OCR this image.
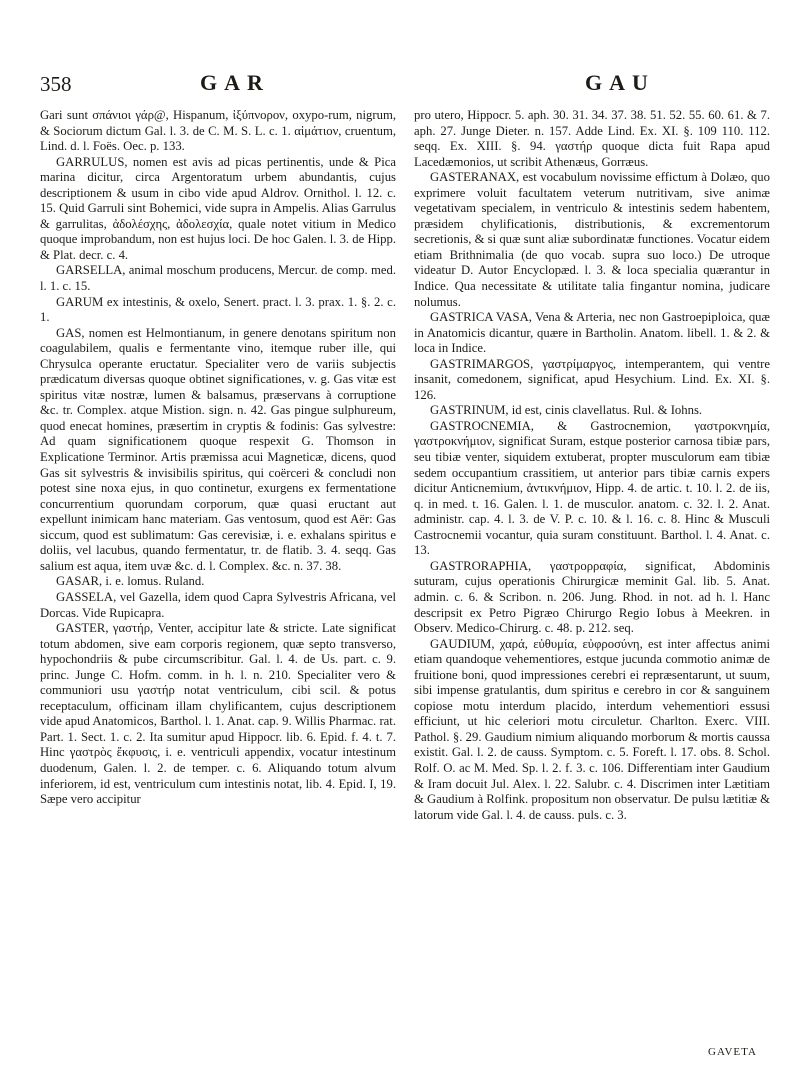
358	GAR	GAU

Gari sunt σπάνιοι γάρ@, Hispanum, ἰξύπνορον, oxypo-rum, nigrum, & Sociorum dictum Gal. l. 3. de C. M. S. L. c. 1. αἱμάτιον, cruentum, Lind. d. l. Foës. Oec. p. 133.

GARRULUS, nomen est avis ad picas pertinentis, unde & Pica marina dicitur, circa Argentoratum urbem abundantis, cujus descriptionem & usum in cibo vide apud Aldrov. Ornithol. l. 12. c. 15. Quid Garruli sint Bohemici, vide supra in Ampelis. Alias Garrulus & garrulitas, ἀδολέσχης, ἀδολεσχία, quale notet vitium in Medico quoque improbandum, non est hujus loci. De hoc Galen. l. 3. de Hipp. & Plat. decr. c. 4.

GARSELLA, animal moschum producens, Mercur. de comp. med. l. 1. c. 15.

GARUM ex intestinis, & oxelo, Senert. pract. l. 3. prax. 1. §. 2. c. 1.

GAS, nomen est Helmontianum, in genere denotans spiritum non coagulabilem, qualis e fermentante vino, itemque ruber ille, qui Chrysulca operante eructatur. Specialiter vero de variis subjectis prædicatum diversas quoque obtinet significationes, v. g. Gas vitæ est spiritus vitæ nostræ, lumen & balsamus, præservans à corruptione &c. tr. Complex. atque Mistion. sign. n. 42. Gas pingue sulphureum, quod enecat homines, præsertim in cryptis & fodinis: Gas sylvestre: Ad quam significationem quoque respexit G. Thomson in Explicatione Terminor. Artis præmissa acui Magneticæ, dicens, quod Gas sit sylvestris & invisibilis spiritus, qui coërceri & concludi non potest sine noxa ejus, in quo continetur, exurgens ex fermentatione concurrentium quorundam corporum, quæ quasi eructant aut expellunt inimicam hanc materiam. Gas ventosum, quod est Aër: Gas siccum, quod est sublimatum: Gas cerevisiæ, i. e. exhalans spiritus e doliis, vel lacubus, quando fermentatur, tr. de flatib. 3. 4. seqq. Gas salium est aqua, item uvæ &c. d. l. Complex. &c. n. 37. 38.

GASAR, i. e. lomus. Ruland.

GASSELA, vel Gazella, idem quod Capra Sylvestris Africana, vel Dorcas. Vide Rupicapra.

GASTER, γαστήρ, Venter, accipitur late & stricte. Late significat totum abdomen, sive eam corporis regionem, quæ septo transverso, hypochondriis & pube circumscribitur. Gal. l. 4. de Us. part. c. 9. princ. Junge C. Hofm. comm. in h. l. n. 210. Specialiter vero & communiori usu γαστήρ notat ventriculum, cibi scil. & potus receptaculum, officinam illam chylificantem, cujus descriptionem vide apud Anatomicos, Barthol. l. 1. Anat. cap. 9. Willis Pharmac. rat. Part. 1. Sect. 1. c. 2. Ita sumitur apud Hippocr. lib. 6. Epid. f. 4. t. 7. Hinc γαστρὸς ἔκφυσις, i. e. ventriculi appendix, vocatur intestinum duodenum, Galen. l. 2. de temper. c. 6. Aliquando totum alvum inferiorem, id est, ventriculum cum intestinis notat, lib. 4. Epid. I, 19. Sæpe vero accipitur

pro utero, Hippocr. 5. aph. 30. 31. 34. 37. 38. 51. 52. 55. 60. 61. & 7. aph. 27. Junge Dieter. n. 157. Adde Lind. Ex. XI. §. 109 110. 112. seqq. Ex. XIII. §. 94. γαστήρ quoque dicta fuit Rapa apud Lacedæmonios, ut scribit Athenæus, Gorræus.

GASTERANAX, est vocabulum novissime effictum à Dolæo, quo exprimere voluit facultatem veterum nutritivam, sive animæ vegetativam specialem, in ventriculo & intestinis sedem habentem, præsidem chylificationis, distributionis, & excrementorum secretionis, & si quæ sunt aliæ subordinatæ functiones. Vocatur eidem etiam Brithnimalia (de quo vocab. supra suo loco.) De utroque videatur D. Autor Encyclopæd. l. 3. & loca specialia quærantur in Indice. Qua necessitate & utilitate talia fingantur nomina, judicare nolumus.

GASTRICA VASA, Vena & Arteria, nec non Gastroepiploica, quæ in Anatomicis dicantur, quære in Bartholin. Anatom. libell. 1. & 2. & loca in Indice.

GASTRIMARGOS, γαστρίμαργος, intemperantem, qui ventre insanit, comedonem, significat, apud Hesychium. Lind. Ex. XI. §. 126.

GASTRINUM, id est, cinis clavellatus. Rul. & Iohns.

GASTROCNEMIA, & Gastrocnemion, γαστροκνημία, γαστροκνήμιον, significat Suram, estque posterior carnosa tibiæ pars, seu tibiæ venter, siquidem extuberat, propter musculorum eam tibiæ sedem occupantium crassitiem, ut anterior pars tibiæ carnis expers dicitur Anticnemium, ἀντικνήμιον, Hipp. 4. de artic. t. 10. l. 2. de iis, q. in med. t. 16. Galen. l. 1. de musculor. anatom. c. 32. l. 2. Anat. administr. cap. 4. l. 3. de V. P. c. 10. & l. 16. c. 8. Hinc & Musculi Castrocnemii vocantur, quia suram constituunt. Barthol. l. 4. Anat. c. 13.

GASTRORAPHIA, γαστρορραφία, significat, Abdominis suturam, cujus operationis Chirurgicæ meminit Gal. lib. 5. Anat. admin. c. 6. & Scribon. n. 206. Jung. Rhod. in not. ad h. l. Hanc descripsit ex Petro Pigræo Chirurgo Regio Iobus à Meekren. in Observ. Medico-Chirurg. c. 48. p. 212. seq.

GAUDIUM, χαρά, εὐθυμία, εὐφροσύνη, est inter affectus animi etiam quandoque vehementiores, estque jucunda commotio animæ de fruitione boni, quod impressiones cerebri ei repræsentarunt, ut suum, sibi impense gratulantis, dum spiritus e cerebro in cor & sanguinem copiose motu interdum placido, interdum vehementiori essusi efficiunt, ut hic celeriori motu circuletur. Charlton. Exerc. VIII. Pathol. §. 29. Gaudium nimium aliquando morborum & mortis caussa existit. Gal. l. 2. de causs. Symptom. c. 5. Foreft. l. 17. obs. 8. Schol. Rolf. O. ac M. Med. Sp. l. 2. f. 3. c. 106. Differentiam inter Gaudium & Iram docuit Jul. Alex. l. 22. Salubr. c. 4. Discrimen inter Lætitiam & Gaudium à Rolfink. propositum non observatur. De pulsu lætitiæ & latorum vide Gal. l. 4. de causs. puls. c. 3.

GAVETA
